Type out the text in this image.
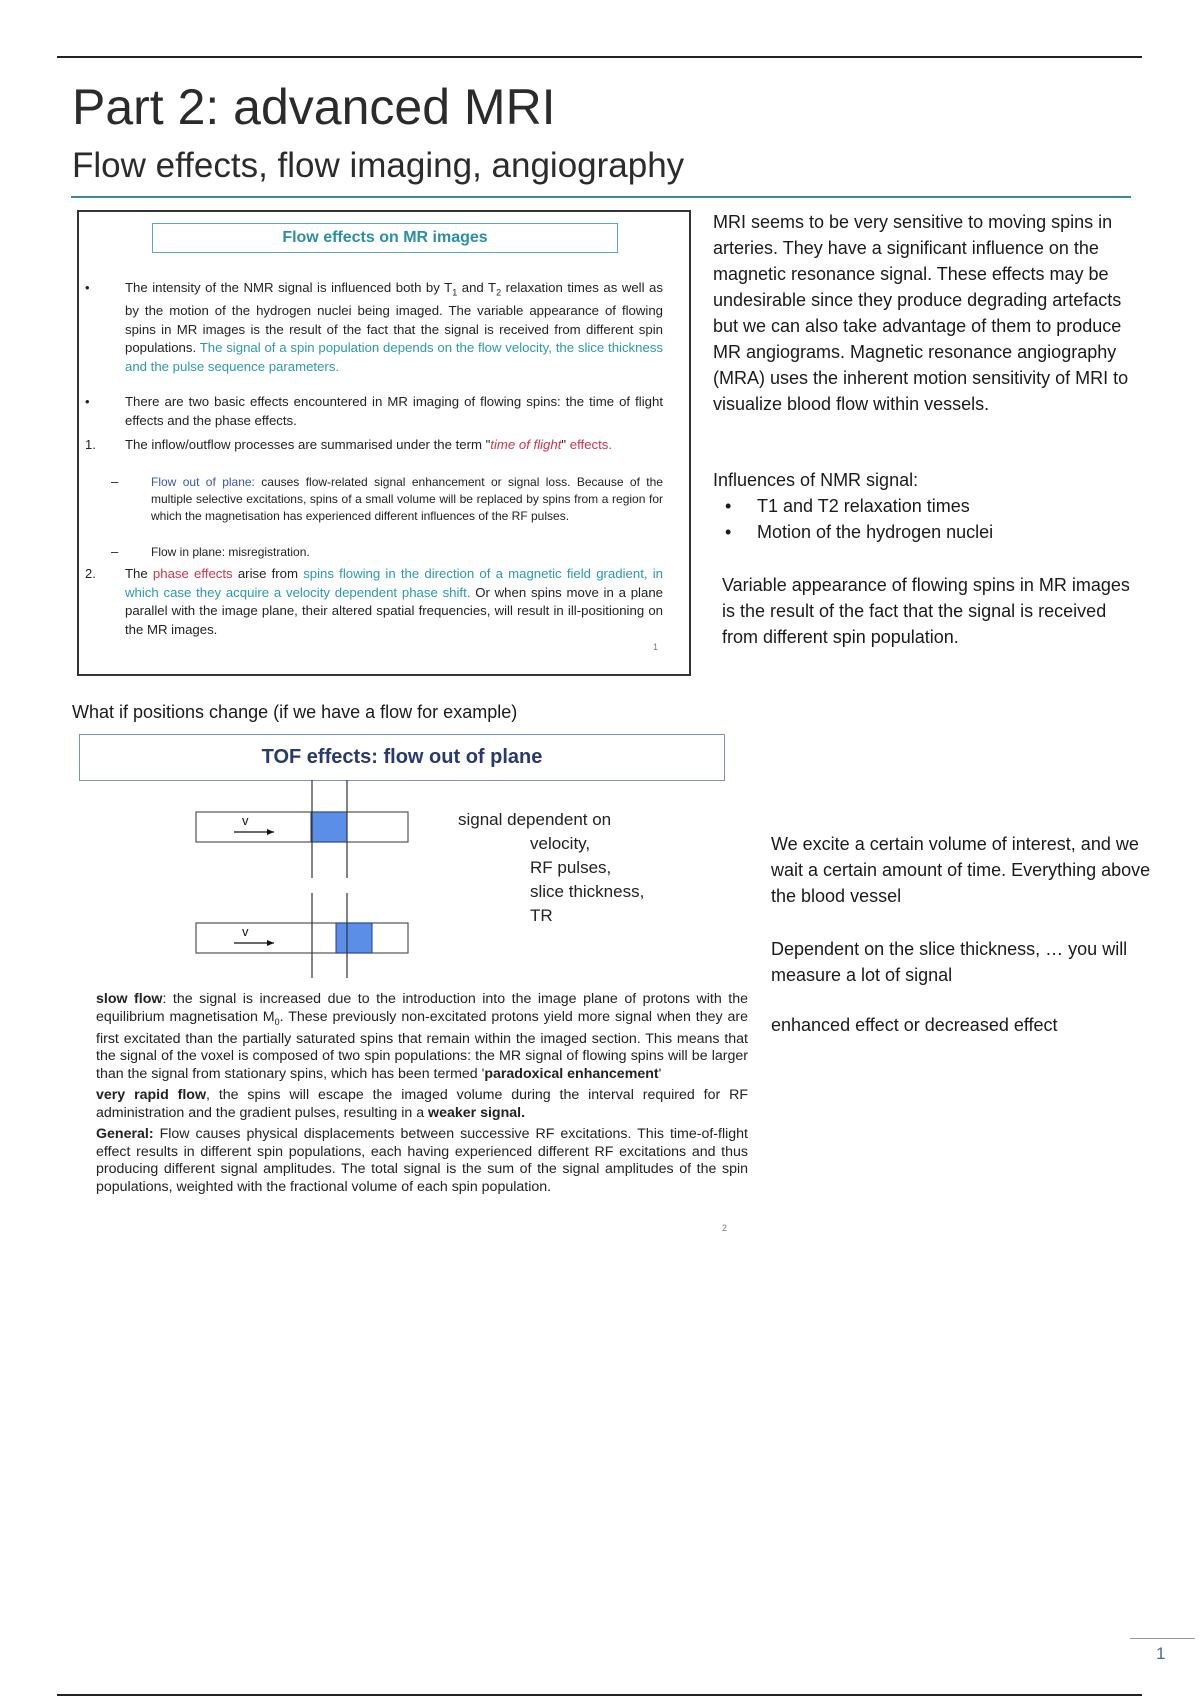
Part 2: advanced MRI
Flow effects, flow imaging, angiography
Flow effects on MR images
•	The intensity of the NMR signal is influenced both by $T_1$ and $T_2$ relaxation times as well as by the motion of the hydrogen nuclei being imaged. The variable appearance of flowing spins in MR images is the result of the fact that the signal is received from different spin populations. The signal of a spin population depends on the flow velocity, the slice thickness and the pulse sequence parameters.
•	There are two basic effects encountered in MR imaging of flowing spins: the time of flight effects and the phase effects.
1. The inflow/outflow processes are summarised under the term "time of flight" effects.
–	Flow out of plane: causes flow-related signal enhancement or signal loss. Because of the multiple selective excitations, spins of a small volume will be replaced by spins from a region for which the magnetisation has experienced different influences of the RF pulses.
–	Flow in plane: misregistration.
2. The phase effects arise from spins flowing in the direction of a magnetic field gradient, in which case they acquire a velocity dependent phase shift. Or when spins move in a plane parallel with the image plane, their altered spatial frequencies, will result in ill-positioning on the MR images.
1
MRI seems to be very sensitive to moving spins in arteries. They have a significant influence on the magnetic resonance signal. These effects may be undesirable since they produce degrading artefacts but we can also take advantage of them to produce MR angiograms. Magnetic resonance angiography (MRA) uses the inherent motion sensitivity of MRI to visualize blood flow within vessels.
Influences of NMR signal:
• T1 and T2 relaxation times
• Motion of the hydrogen nuclei
Variable appearance of flowing spins in MR images is the result of the fact that the signal is received from different spin population.
What if positions change (if we have a flow for example)
TOF effects: flow out of plane
v
v
signal dependent on
velocity,
RF pulses,
slice thickness,
TR

slow flow: the signal is increased due to the introduction into the image plane of protons with the equilibrium magnetisation $M_0$. These previously non-excitated protons yield more signal when they are first excitated than the partially saturated spins that remain within the imaged section. This means that the signal of the voxel is composed of two spin populations: the MR signal of flowing spins will be larger than the signal from stationary spins, which has been termed 'paradoxical enhancement'

very rapid flow, the spins will escape the imaged volume during the interval required for RF administration and the gradient pulses, resulting in a weaker signal.

General: Flow causes physical displacements between successive RF excitations. This time-of-flight effect results in different spin populations, each having experienced different RF excitations and thus producing different signal amplitudes. The total signal is the sum of the signal amplitudes of the spin populations, weighted with the fractional volume of each spin population.

2
We excite a certain volume of interest, and we wait a certain amount of time. Everything above the blood vessel
Dependent on the slice thickness, … you will measure a lot of signal
enhanced effect or decreased effect
1
